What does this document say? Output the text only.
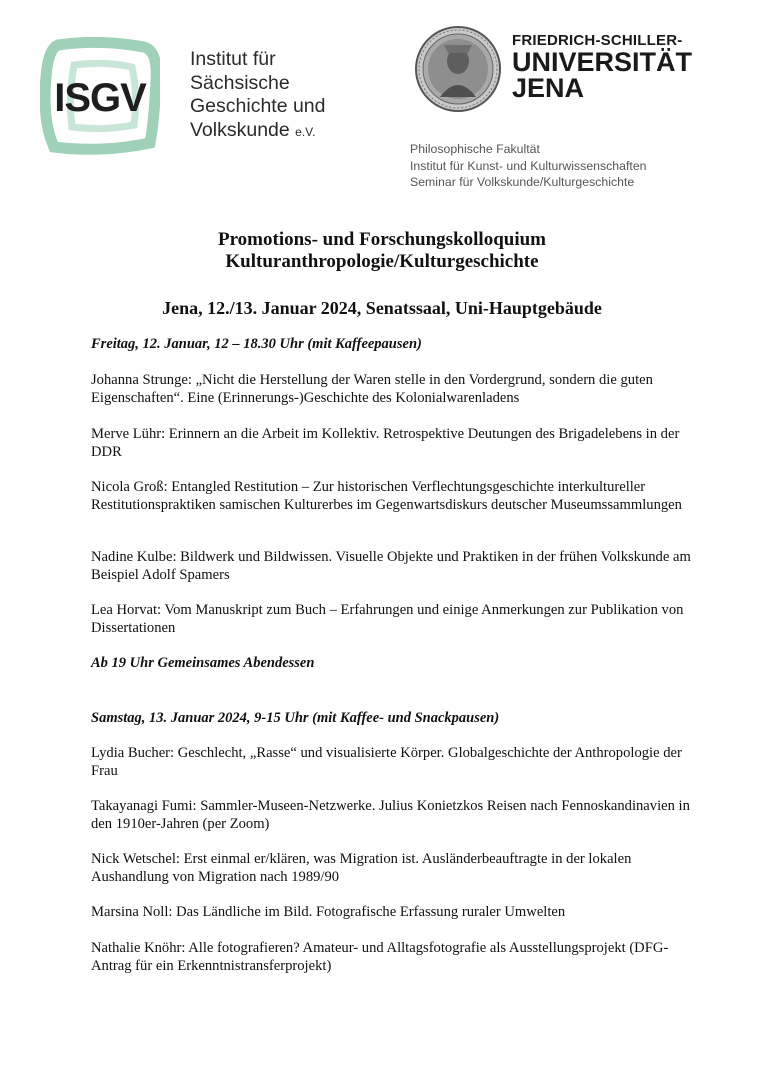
ISGV
Institut für
Sächsische
Geschichte und
Volkskunde e.V.
FRIEDRICH-SCHILLER-
UNIVERSITÄT
JENA
Philosophische Fakultät
Institut für Kunst- und Kulturwissenschaften
Seminar für Volkskunde/Kulturgeschichte
Promotions- und Forschungskolloquium
Kulturanthropologie/Kulturgeschichte
Jena, 12./13. Januar 2024, Senatssaal, Uni-Hauptgebäude
Freitag, 12. Januar, 12 – 18.30 Uhr (mit Kaffeepausen)
Johanna Strunge: „Nicht die Herstellung der Waren stelle in den Vordergrund, sondern die guten Eigenschaften“. Eine (Erinnerungs-)Geschichte des Kolonialwarenladens
Merve Lühr: Erinnern an die Arbeit im Kollektiv. Retrospektive Deutungen des Brigadelebens in der DDR
Nicola Groß: Entangled Restitution – Zur historischen Verflechtungsgeschichte interkultureller Restitutionspraktiken samischen Kulturerbes im Gegenwartsdiskurs deutscher Museumssammlungen
Nadine Kulbe: Bildwerk und Bildwissen. Visuelle Objekte und Praktiken in der frühen Volkskunde am Beispiel Adolf Spamers
Lea Horvat: Vom Manuskript zum Buch – Erfahrungen und einige Anmerkungen zur Publikation von Dissertationen
Ab 19 Uhr Gemeinsames Abendessen
Samstag, 13. Januar 2024, 9-15 Uhr (mit Kaffee- und Snackpausen)
Lydia Bucher: Geschlecht, „Rasse“ und visualisierte Körper. Globalgeschichte der Anthropologie der Frau
Takayanagi Fumi: Sammler-Museen-Netzwerke. Julius Konietzkos Reisen nach Fennoskandinavien in den 1910er-Jahren (per Zoom)
Nick Wetschel: Erst einmal er/klären, was Migration ist. Ausländerbeauftragte in der lokalen Aushandlung von Migration nach 1989/90
Marsina Noll: Das Ländliche im Bild. Fotografische Erfassung ruraler Umwelten
Nathalie Knöhr: Alle fotografieren? Amateur- und Alltagsfotografie als Ausstellungsprojekt (DFG-Antrag für ein Erkenntnistransferprojekt)
